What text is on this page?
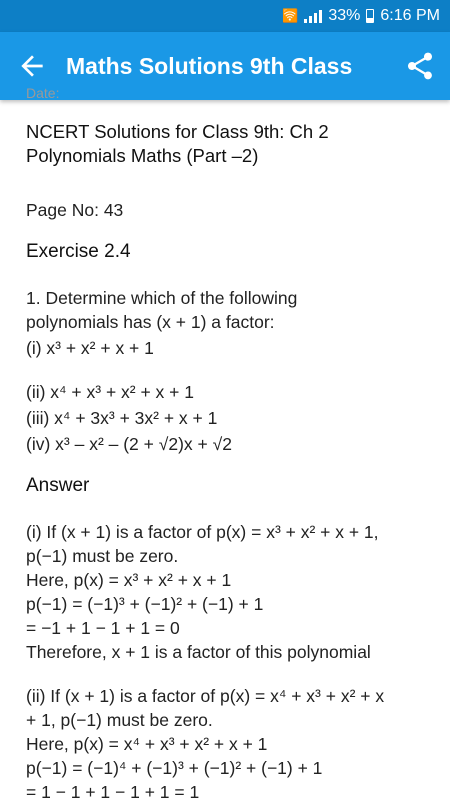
🛜 33% 6:16 PM
Maths Solutions 9th Class
Date:
NCERT Solutions for Class 9th: Ch 2
Polynomials Maths (Part –2)
Page No: 43
Exercise 2.4
1. Determine which of the following
polynomials has (x + 1) a factor:
(i) x³ + x² + x + 1
(ii) x⁴ + x³ + x² + x + 1
(iii) x⁴ + 3x³ + 3x² + x + 1
(iv) x³ – x² – (2 + √2)x + √2
Answer
(i) If (x + 1) is a factor of p(x) = x³ + x² + x + 1,
p(−1) must be zero.
Here, p(x) = x³ + x² + x + 1
p(−1) = (−1)³ + (−1)² + (−1) + 1
= −1 + 1 − 1 + 1 = 0
Therefore, x + 1 is a factor of this polynomial
(ii) If (x + 1) is a factor of p(x) = x⁴ + x³ + x² + x
+ 1, p(−1) must be zero.
Here, p(x) = x⁴ + x³ + x² + x + 1
p(−1) = (−1)⁴ + (−1)³ + (−1)² + (−1) + 1
= 1 − 1 + 1 − 1 + 1 = 1
